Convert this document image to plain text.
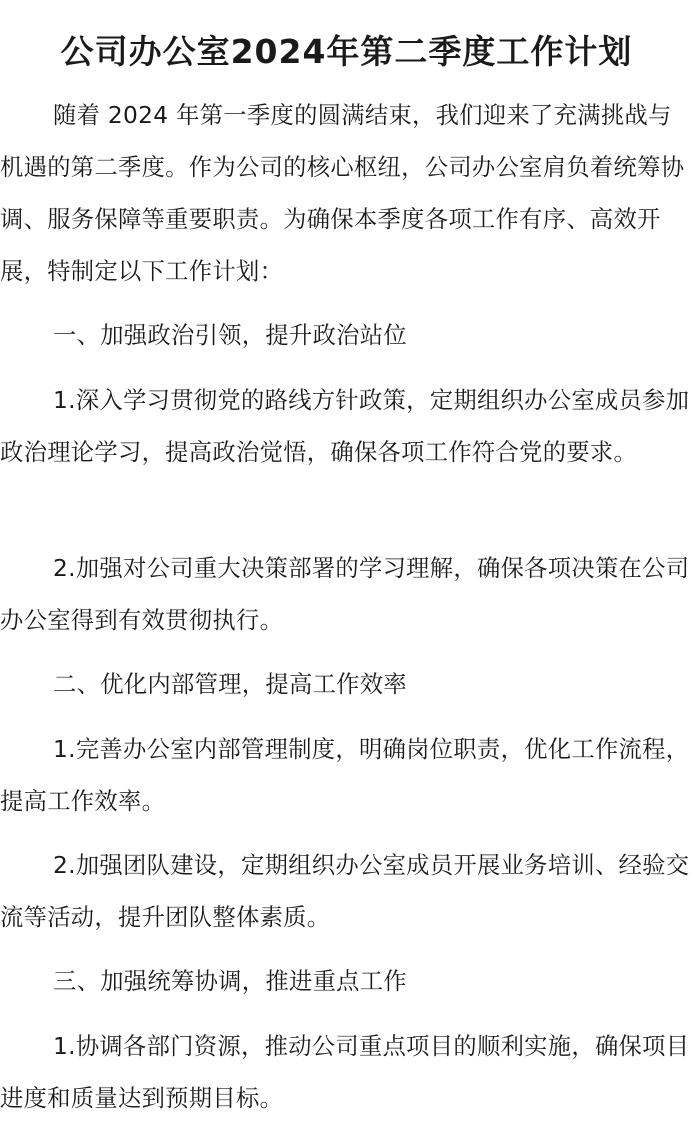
公司办公室2024年第二季度工作计划

随着 2024 年第一季度的圆满结束，我们迎来了充满挑战与机遇的第二季度。作为公司的核心枢纽，公司办公室肩负着统筹协调、服务保障等重要职责。为确保本季度各项工作有序、高效开展，特制定以下工作计划：

一、加强政治引领，提升政治站位

1.深入学习贯彻党的路线方针政策，定期组织办公室成员参加政治理论学习，提高政治觉悟，确保各项工作符合党的要求。

2.加强对公司重大决策部署的学习理解，确保各项决策在公司办公室得到有效贯彻执行。

二、优化内部管理，提高工作效率

1.完善办公室内部管理制度，明确岗位职责，优化工作流程，提高工作效率。

2.加强团队建设，定期组织办公室成员开展业务培训、经验交流等活动，提升团队整体素质。

三、加强统筹协调，推进重点工作

1.协调各部门资源，推动公司重点项目的顺利实施，确保项目进度和质量达到预期目标。
